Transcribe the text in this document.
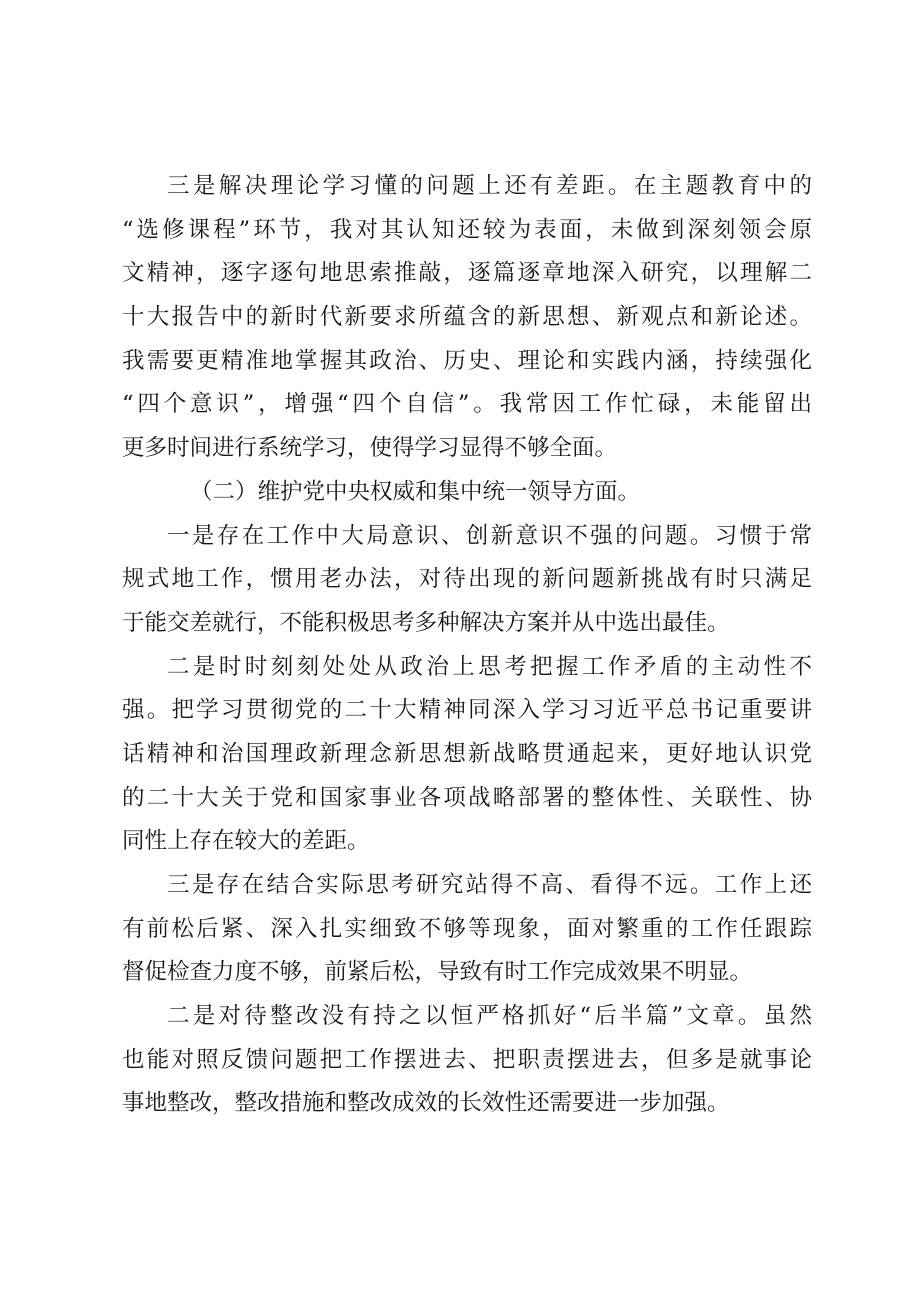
三是解决理论学习懂的问题上还有差距。在主题教育中的
“选修课程”环节，我对其认知还较为表面，未做到深刻领会原
文精神，逐字逐句地思索推敲，逐篇逐章地深入研究，以理解二
十大报告中的新时代新要求所蕴含的新思想、新观点和新论述。
我需要更精准地掌握其政治、历史、理论和实践内涵，持续强化
“四个意识”，增强“四个自信”。我常因工作忙碌，未能留出
更多时间进行系统学习，使得学习显得不够全面。
（二）维护党中央权威和集中统一领导方面。
一是存在工作中大局意识、创新意识不强的问题。习惯于常
规式地工作，惯用老办法，对待出现的新问题新挑战有时只满足
于能交差就行，不能积极思考多种解决方案并从中选出最佳。
二是时时刻刻处处从政治上思考把握工作矛盾的主动性不
强。把学习贯彻党的二十大精神同深入学习习近平总书记重要讲
话精神和治国理政新理念新思想新战略贯通起来，更好地认识党
的二十大关于党和国家事业各项战略部署的整体性、关联性、协
同性上存在较大的差距。
三是存在结合实际思考研究站得不高、看得不远。工作上还
有前松后紧、深入扎实细致不够等现象，面对繁重的工作任跟踪
督促检查力度不够，前紧后松，导致有时工作完成效果不明显。
二是对待整改没有持之以恒严格抓好“后半篇”文章。虽然
也能对照反馈问题把工作摆进去、把职责摆进去，但多是就事论
事地整改，整改措施和整改成效的长效性还需要进一步加强。
